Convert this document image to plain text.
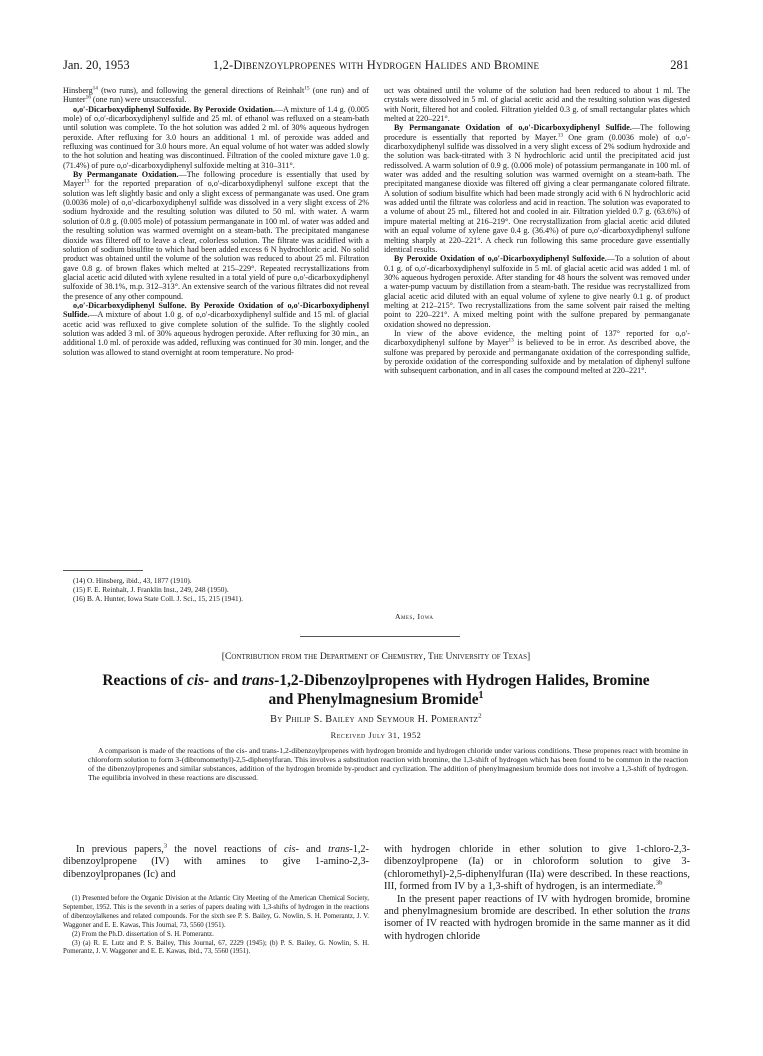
Jan. 20, 1953	1,2-Dibenzoylpropenes with Hydrogen Halides and Bromine	281

Hinsberg$^{14}$ (two runs), and following the general directions of Reinhalt$^{15}$ (one run) and of Hunter$^{16}$ (one run) were unsuccessful.

o,o′-Dicarboxydiphenyl Sulfoxide. By Peroxide Oxidation.—A mixture of 1.4 g. (0.005 mole) of o,o′-dicarboxydiphenyl sulfide and 25 ml. of ethanol was refluxed on a steam-bath until solution was complete. To the hot solution was added 2 ml. of 30% aqueous hydrogen peroxide. After refluxing for 3.0 hours an additional 1 ml. of peroxide was added and refluxing was continued for 3.0 hours more. An equal volume of hot water was added slowly to the hot solution and heating was discontinued. Filtration of the cooled mixture gave 1.0 g. (71.4%) of pure o,o′-dicarboxydiphenyl sulfoxide melting at 310–311°.

By Permanganate Oxidation.—The following procedure is essentially that used by Mayer$^{13}$ for the reported preparation of o,o′-dicarboxydiphenyl sulfone except that the solution was left slightly basic and only a slight excess of permanganate was used. One gram (0.0036 mole) of o,o′-dicarboxydiphenyl sulfide was dissolved in a very slight excess of 2% sodium hydroxide and the resulting solution was diluted to 50 ml. with water. A warm solution of 0.8 g. (0.005 mole) of potassium permanganate in 100 ml. of water was added and the resulting solution was warmed overnight on a steam-bath. The precipitated manganese dioxide was filtered off to leave a clear, colorless solution. The filtrate was acidified with a solution of sodium bisulfite to which had been added excess 6 N hydrochloric acid. No solid product was obtained until the volume of the solution was reduced to about 25 ml. Filtration gave 0.8 g. of brown flakes which melted at 215–229°. Repeated recrystallizations from glacial acetic acid diluted with xylene resulted in a total yield of pure o,o′-dicarboxydiphenyl sulfoxide of 38.1%, m.p. 312–313°. An extensive search of the various filtrates did not reveal the presence of any other compound.

o,o′-Dicarboxydiphenyl Sulfone. By Peroxide Oxidation of o,o′-Dicarboxydiphenyl Sulfide.—A mixture of about 1.0 g. of o,o′-dicarboxydiphenyl sulfide and 15 ml. of glacial acetic acid was refluxed to give complete solution of the sulfide. To the slightly cooled solution was added 3 ml. of 30% aqueous hydrogen peroxide. After refluxing for 30 min., an additional 1.0 ml. of peroxide was added, refluxing was continued for 30 min. longer, and the solution was allowed to stand overnight at room temperature. No prod-

(14) O. Hinsberg, ibid., 43, 1877 (1910).
(15) F. E. Reinhalt, J. Franklin Inst., 249, 248 (1950).
(16) B. A. Hunter, Iowa State Coll. J. Sci., 15, 215 (1941).

uct was obtained until the volume of the solution had been reduced to about 1 ml. The crystals were dissolved in 5 ml. of glacial acetic acid and the resulting solution was digested with Norit, filtered hot and cooled. Filtration yielded 0.3 g. of small rectangular plates which melted at 220–221°.

By Permanganate Oxidation of o,o′-Dicarboxydiphenyl Sulfide.—The following procedure is essentially that reported by Mayer.$^{13}$ One gram (0.0036 mole) of o,o′-dicarboxydiphenyl sulfide was dissolved in a very slight excess of 2% sodium hydroxide and the solution was back-titrated with 3 N hydrochloric acid until the precipitated acid just redissolved. A warm solution of 0.9 g. (0.006 mole) of potassium permanganate in 100 ml. of water was added and the resulting solution was warmed overnight on a steam-bath. The precipitated manganese dioxide was filtered off giving a clear permanganate colored filtrate. A solution of sodium bisulfite which had been made strongly acid with 6 N hydrochloric acid was added until the filtrate was colorless and acid in reaction. The solution was evaporated to a volume of about 25 ml., filtered hot and cooled in air. Filtration yielded 0.7 g. (63.6%) of impure material melting at 216–219°. One recrystallization from glacial acetic acid diluted with an equal volume of xylene gave 0.4 g. (36.4%) of pure o,o′-dicarboxydiphenyl sulfone melting sharply at 220–221°. A check run following this same procedure gave essentially identical results.

By Peroxide Oxidation of o,o′-Dicarboxydiphenyl Sulfoxide.—To a solution of about 0.1 g. of o,o′-dicarboxydiphenyl sulfoxide in 5 ml. of glacial acetic acid was added 1 ml. of 30% aqueous hydrogen peroxide. After standing for 48 hours the solvent was removed under a water-pump vacuum by distillation from a steam-bath. The residue was recrystallized from glacial acetic acid diluted with an equal volume of xylene to give nearly 0.1 g. of product melting at 212–215°. Two recrystallizations from the same solvent pair raised the melting point to 220–221°. A mixed melting point with the sulfone prepared by permanganate oxidation showed no depression.

In view of the above evidence, the melting point of 137° reported for o,o′-dicarboxydiphenyl sulfone by Mayer$^{13}$ is believed to be in error. As described above, the sulfone was prepared by peroxide and permanganate oxidation of the corresponding sulfide, by peroxide oxidation of the corresponding sulfoxide and by metalation of diphenyl sulfone with subsequent carbonation, and in all cases the compound melted at 220–221°.

Ames, Iowa
[Contribution from the Department of Chemistry, The University of Texas]
Reactions of cis- and trans-1,2-Dibenzoylpropenes with Hydrogen Halides, Bromine
and Phenylmagnesium Bromide$^1$
By Philip S. Bailey and Seymour H. Pomerantz$^2$
Received July 31, 1952

A comparison is made of the reactions of the cis- and trans-1,2-dibenzoylpropenes with hydrogen bromide and hydrogen chloride under various conditions. These propenes react with bromine in chloroform solution to form 3-(dibromomethyl)-2,5-diphenylfuran. This involves a substitution reaction with bromine, the 1,3-shift of hydrogen which has been found to be common in the reaction of the dibenzoylpropenes and similar substances, addition of the hydrogen bromide by-product and cyclization. The addition of phenylmagnesium bromide does not involve a 1,3-shift of hydrogen. The equilibria involved in these reactions are discussed.

In previous papers,$^3$ the novel reactions of cis- and trans-1,2-dibenzoylpropene (IV) with amines to give 1-amino-2,3-dibenzoylpropanes (Ic) and

(1) Presented before the Organic Division at the Atlantic City Meeting of the American Chemical Society, September, 1952. This is the seventh in a series of papers dealing with 1,3-shifts of hydrogen in the reactions of dibenzoylalkenes and related compounds. For the sixth see P. S. Bailey, G. Nowlin, S. H. Pomerantz, J. V. Waggoner and E. E. Kawas, This Journal, 73, 5560 (1951).
(2) From the Ph.D. dissertation of S. H. Pomerantz.
(3) (a) R. E. Lutz and P. S. Bailey, This Journal, 67, 2229 (1945); (b) P. S. Bailey, G. Nowlin, S. H. Pomerantz, J. V. Waggoner and E. E. Kawas, ibid., 73, 5560 (1951).

with hydrogen chloride in ether solution to give 1-chloro-2,3-dibenzoylpropene (Ia) or in chloroform solution to give 3-(chloromethyl)-2,5-diphenylfuran (IIa) were described. In these reactions, III, formed from IV by a 1,3-shift of hydrogen, is an intermediate.$^{3b}$

In the present paper reactions of IV with hydrogen bromide, bromine and phenylmagnesium bromide are described. In ether solution the trans isomer of IV reacted with hydrogen bromide in the same manner as it did with hydrogen chloride
